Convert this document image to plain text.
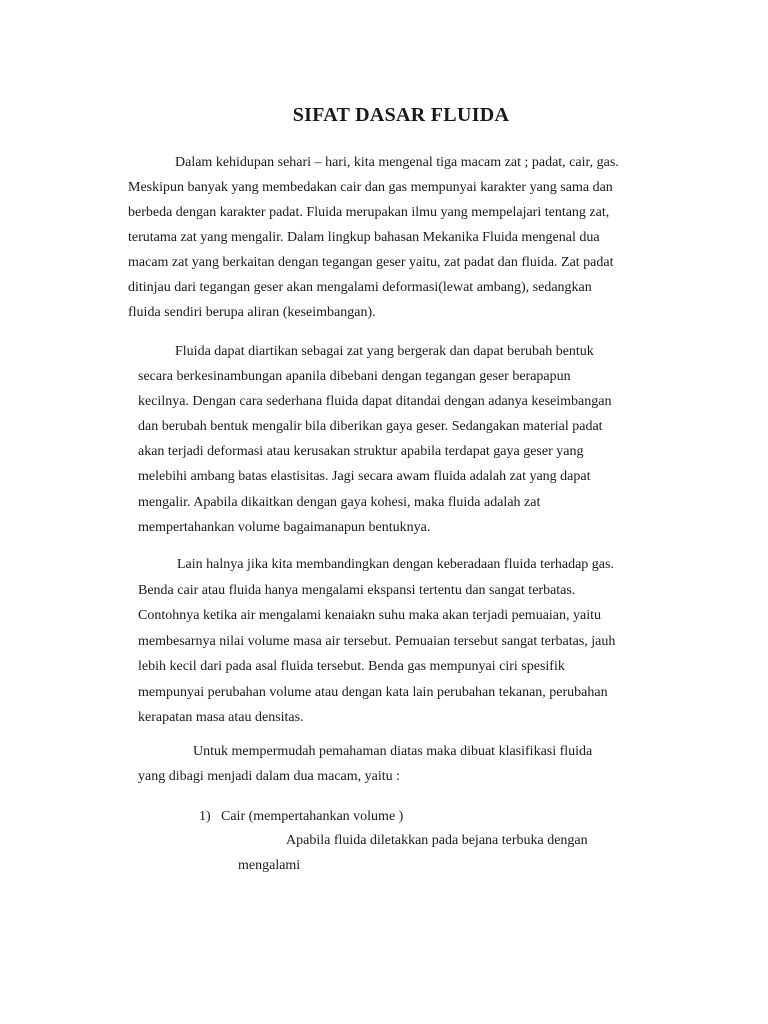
SIFAT DASAR FLUIDA

Dalam kehidupan sehari – hari, kita mengenal tiga macam zat ; padat, cair, gas.
Meskipun banyak yang membedakan cair dan gas mempunyai karakter yang sama dan
berbeda dengan karakter padat. Fluida merupakan ilmu yang mempelajari tentang zat,
terutama zat yang mengalir. Dalam lingkup bahasan Mekanika Fluida mengenal dua
macam zat yang berkaitan dengan tegangan geser yaitu, zat padat dan fluida. Zat padat
ditinjau dari tegangan geser akan mengalami deformasi(lewat ambang), sedangkan
fluida sendiri berupa aliran (keseimbangan).

Fluida dapat diartikan sebagai zat yang bergerak dan dapat berubah bentuk
secara berkesinambungan apanila dibebani dengan tegangan geser berapapun
kecilnya. Dengan cara sederhana fluida dapat ditandai dengan adanya keseimbangan
dan berubah bentuk mengalir bila diberikan gaya geser. Sedangakan material padat
akan terjadi deformasi atau kerusakan struktur apabila terdapat gaya geser yang
melebihi ambang batas elastisitas. Jagi secara awam fluida adalah zat yang dapat
mengalir. Apabila dikaitkan dengan gaya kohesi, maka fluida adalah zat
mempertahankan volume bagaimanapun bentuknya.

Lain halnya jika kita membandingkan dengan keberadaan fluida terhadap gas.
Benda cair atau fluida hanya mengalami ekspansi tertentu dan sangat terbatas.
Contohnya ketika air mengalami kenaiakn suhu maka akan terjadi pemuaian, yaitu
membesarnya nilai volume masa air tersebut. Pemuaian tersebut sangat terbatas, jauh
lebih kecil dari pada asal fluida tersebut. Benda gas mempunyai ciri spesifik
mempunyai perubahan volume atau dengan kata lain perubahan tekanan, perubahan
kerapatan masa atau densitas.

Untuk mempermudah pemahaman diatas maka dibuat klasifikasi fluida
yang dibagi menjadi dalam dua macam, yaitu :

1) Cair (mempertahankan volume )

Apabila fluida diletakkan pada bejana terbuka dengan
mengalami
